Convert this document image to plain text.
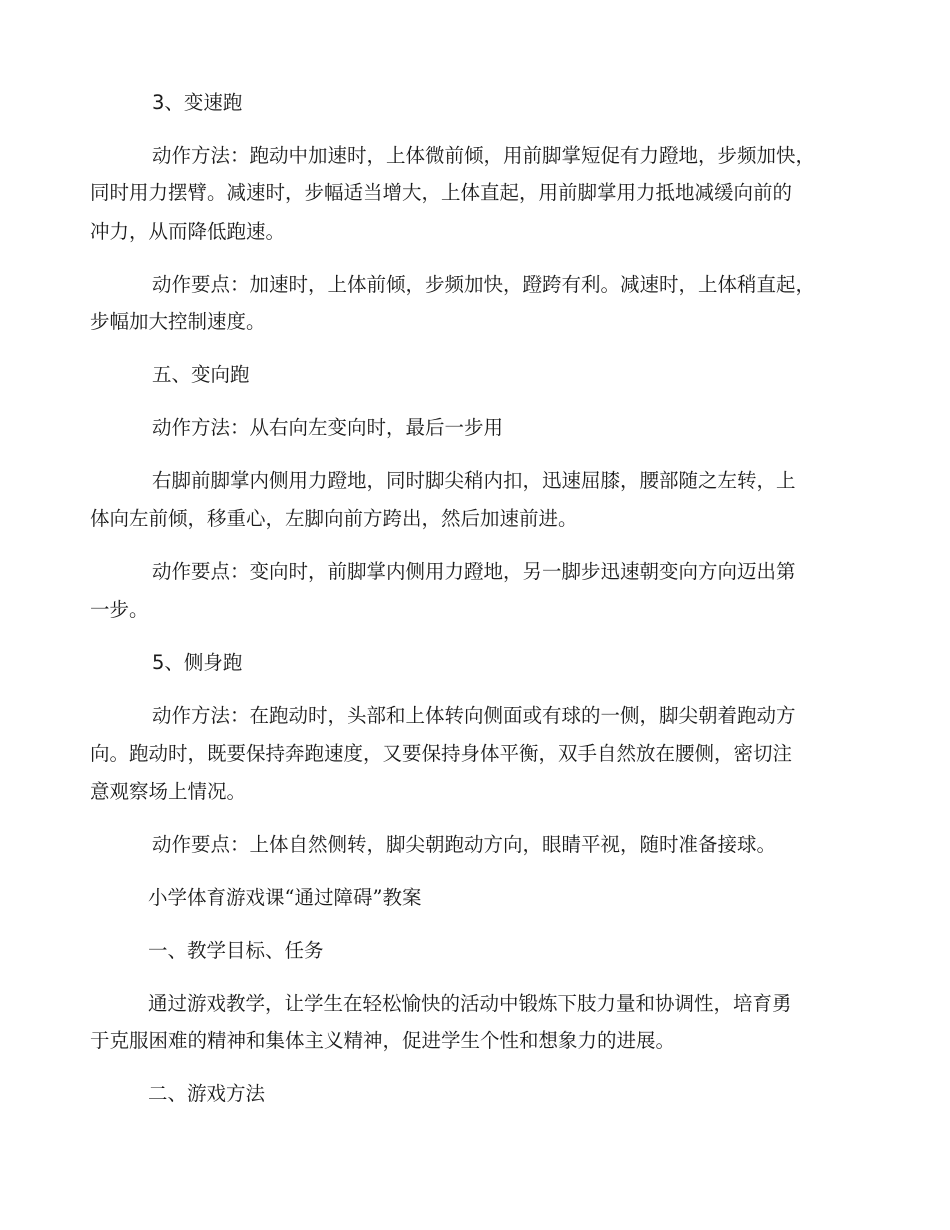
3、变速跑

动作方法：跑动中加速时，上体微前倾，用前脚掌短促有力蹬地，步频加快，

同时用力摆臂。减速时，步幅适当增大，上体直起，用前脚掌用力抵地减缓向前的

冲力，从而降低跑速。

动作要点：加速时，上体前倾，步频加快，蹬跨有利。减速时，上体稍直起，

步幅加大控制速度。

五、变向跑

动作方法：从右向左变向时，最后一步用

右脚前脚掌内侧用力蹬地，同时脚尖稍内扣，迅速屈膝，腰部随之左转，上

体向左前倾，移重心，左脚向前方跨出，然后加速前进。

动作要点：变向时，前脚掌内侧用力蹬地，另一脚步迅速朝变向方向迈出第

一步。

5、侧身跑

动作方法：在跑动时，头部和上体转向侧面或有球的一侧，脚尖朝着跑动方

向。跑动时，既要保持奔跑速度，又要保持身体平衡，双手自然放在腰侧，密切注

意观察场上情况。

动作要点：上体自然侧转，脚尖朝跑动方向，眼睛平视，随时准备接球。

小学体育游戏课“通过障碍”教案

一、教学目标、任务

通过游戏教学，让学生在轻松愉快的活动中锻炼下肢力量和协调性，培育勇

于克服困难的精神和集体主义精神，促进学生个性和想象力的进展。

二、游戏方法
